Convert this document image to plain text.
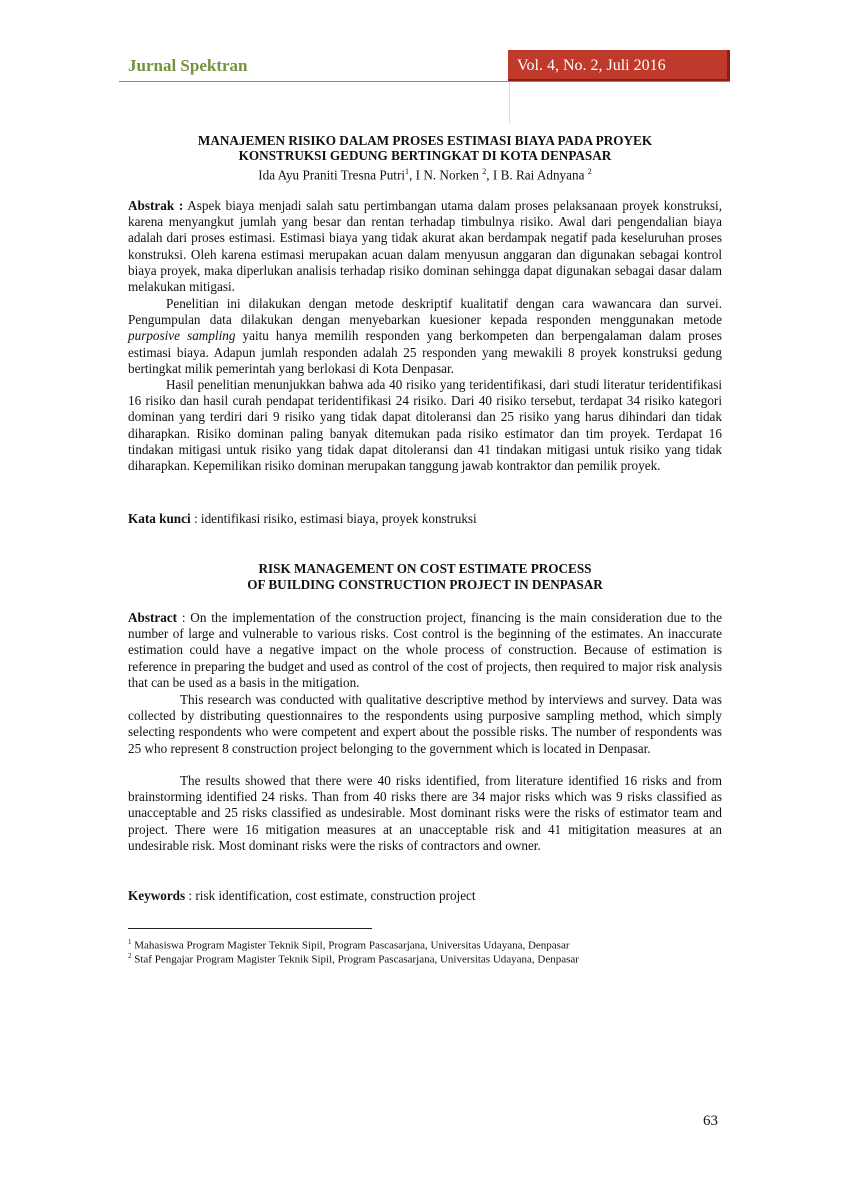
Jurnal Spektran	Vol. 4, No. 2, Juli 2016
MANAJEMEN RISIKO DALAM PROSES ESTIMASI BIAYA PADA PROYEK
KONSTRUKSI GEDUNG BERTINGKAT DI KOTA DENPASAR
Ida Ayu Praniti Tresna Putri$^1$, I N. Norken $^2$, I B. Rai Adnyana $^2$
Abstrak : Aspek biaya menjadi salah satu pertimbangan utama dalam proses pelaksanaan proyek konstruksi, karena menyangkut jumlah yang besar dan rentan terhadap timbulnya risiko. Awal dari pengendalian biaya adalah dari proses estimasi. Estimasi biaya yang tidak akurat akan berdampak negatif pada keseluruhan proses konstruksi. Oleh karena estimasi merupakan acuan dalam menyusun anggaran dan digunakan sebagai kontrol biaya proyek, maka diperlukan analisis terhadap risiko dominan sehingga dapat digunakan sebagai dasar dalam melakukan mitigasi.
Penelitian ini dilakukan dengan metode deskriptif kualitatif dengan cara wawancara dan survei. Pengumpulan data dilakukan dengan menyebarkan kuesioner kepada responden menggunakan metode purposive sampling yaitu hanya memilih responden yang berkompeten dan berpengalaman dalam proses estimasi biaya. Adapun jumlah responden adalah 25 responden yang mewakili 8 proyek konstruksi gedung bertingkat milik pemerintah yang berlokasi di Kota Denpasar.
Hasil penelitian menunjukkan bahwa ada 40 risiko yang teridentifikasi, dari studi literatur teridentifikasi 16 risiko dan hasil curah pendapat teridentifikasi 24 risiko. Dari 40 risiko tersebut, terdapat 34 risiko kategori dominan yang terdiri dari 9 risiko yang tidak dapat ditoleransi dan 25 risiko yang harus dihindari dan tidak diharapkan. Risiko dominan paling banyak ditemukan pada risiko estimator dan tim proyek. Terdapat 16 tindakan mitigasi untuk risiko yang tidak dapat ditoleransi dan 41 tindakan mitigasi untuk risiko yang tidak diharapkan. Kepemilikan risiko dominan merupakan tanggung jawab kontraktor dan pemilik proyek.
Kata kunci : identifikasi risiko, estimasi biaya, proyek konstruksi
RISK MANAGEMENT ON COST ESTIMATE PROCESS
OF BUILDING CONSTRUCTION PROJECT IN DENPASAR
Abstract : On the implementation of the construction project, financing is the main consideration due to the number of large and vulnerable to various risks. Cost control is the beginning of the estimates. An inaccurate estimation could have a negative impact on the whole process of construction. Because of estimation is reference in preparing the budget and used as control of the cost of projects, then required to major risk analysis that can be used as a basis in the mitigation.
This research was conducted with qualitative descriptive method by interviews and survey. Data was collected by distributing questionnaires to the respondents using purposive sampling method, which simply selecting respondents who were competent and expert about the possible risks. The number of respondents was 25 who represent 8 construction project belonging to the government which is located in Denpasar.
The results showed that there were 40 risks identified, from literature identified 16 risks and from brainstorming identified 24 risks. Than from 40 risks there are 34 major risks which was 9 risks classified as unacceptable and 25 risks classified as undesirable. Most dominant risks were the risks of estimator team and project. There were 16 mitigation measures at an unacceptable risk and 41 mitigitation measures at an undesirable risk. Most dominant risks were the risks of contractors and owner.
Keywords : risk identification, cost estimate, construction project
$^1$ Mahasiswa Program Magister Teknik Sipil, Program Pascasarjana, Universitas Udayana, Denpasar
$^2$ Staf Pengajar Program Magister Teknik Sipil, Program Pascasarjana, Universitas Udayana, Denpasar
63
